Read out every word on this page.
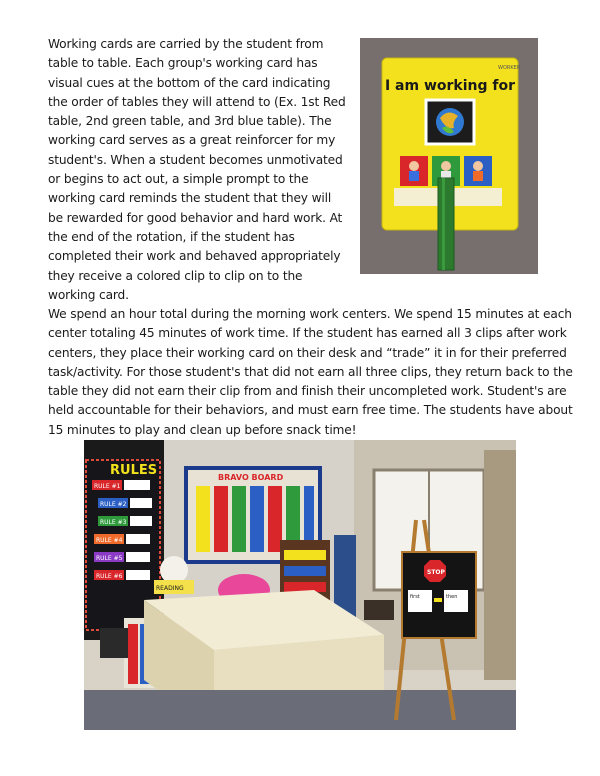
Working cards are carried by the student from table to table. Each group's working card has visual cues at the bottom of the card indicating the order of tables they will attend to (Ex. 1st Red table, 2nd green table, and 3rd blue table). The working card serves as a great reinforcer for my student's. When a student becomes unmotivated or begins to act out, a simple prompt to the working card reminds the student that they will be rewarded for good behavior and hard work. At the end of the rotation, if the student has completed their work and behaved appropriately they receive a colored clip to clip on to the working card.

WORKER
I am working for

We spend an hour total during the morning work centers. We spend 15 minutes at each center totaling 45 minutes of work time. If the student has earned all 3 clips after work centers, they place their working card on their desk and “trade” it in for their preferred task/activity. For those student's that did not earn all three clips, they return back to the table they did not earn their clip from and finish their uncompleted work. Student's are held accountable for their behaviors, and must earn free time. The students have about 15 minutes to play and clean up before snack time!

RULES
RULE #1
RULE #2
RULE #3
RULE #4
RULE #5
RULE #6
BRAVO BOARD
READING
STOP
first	then
